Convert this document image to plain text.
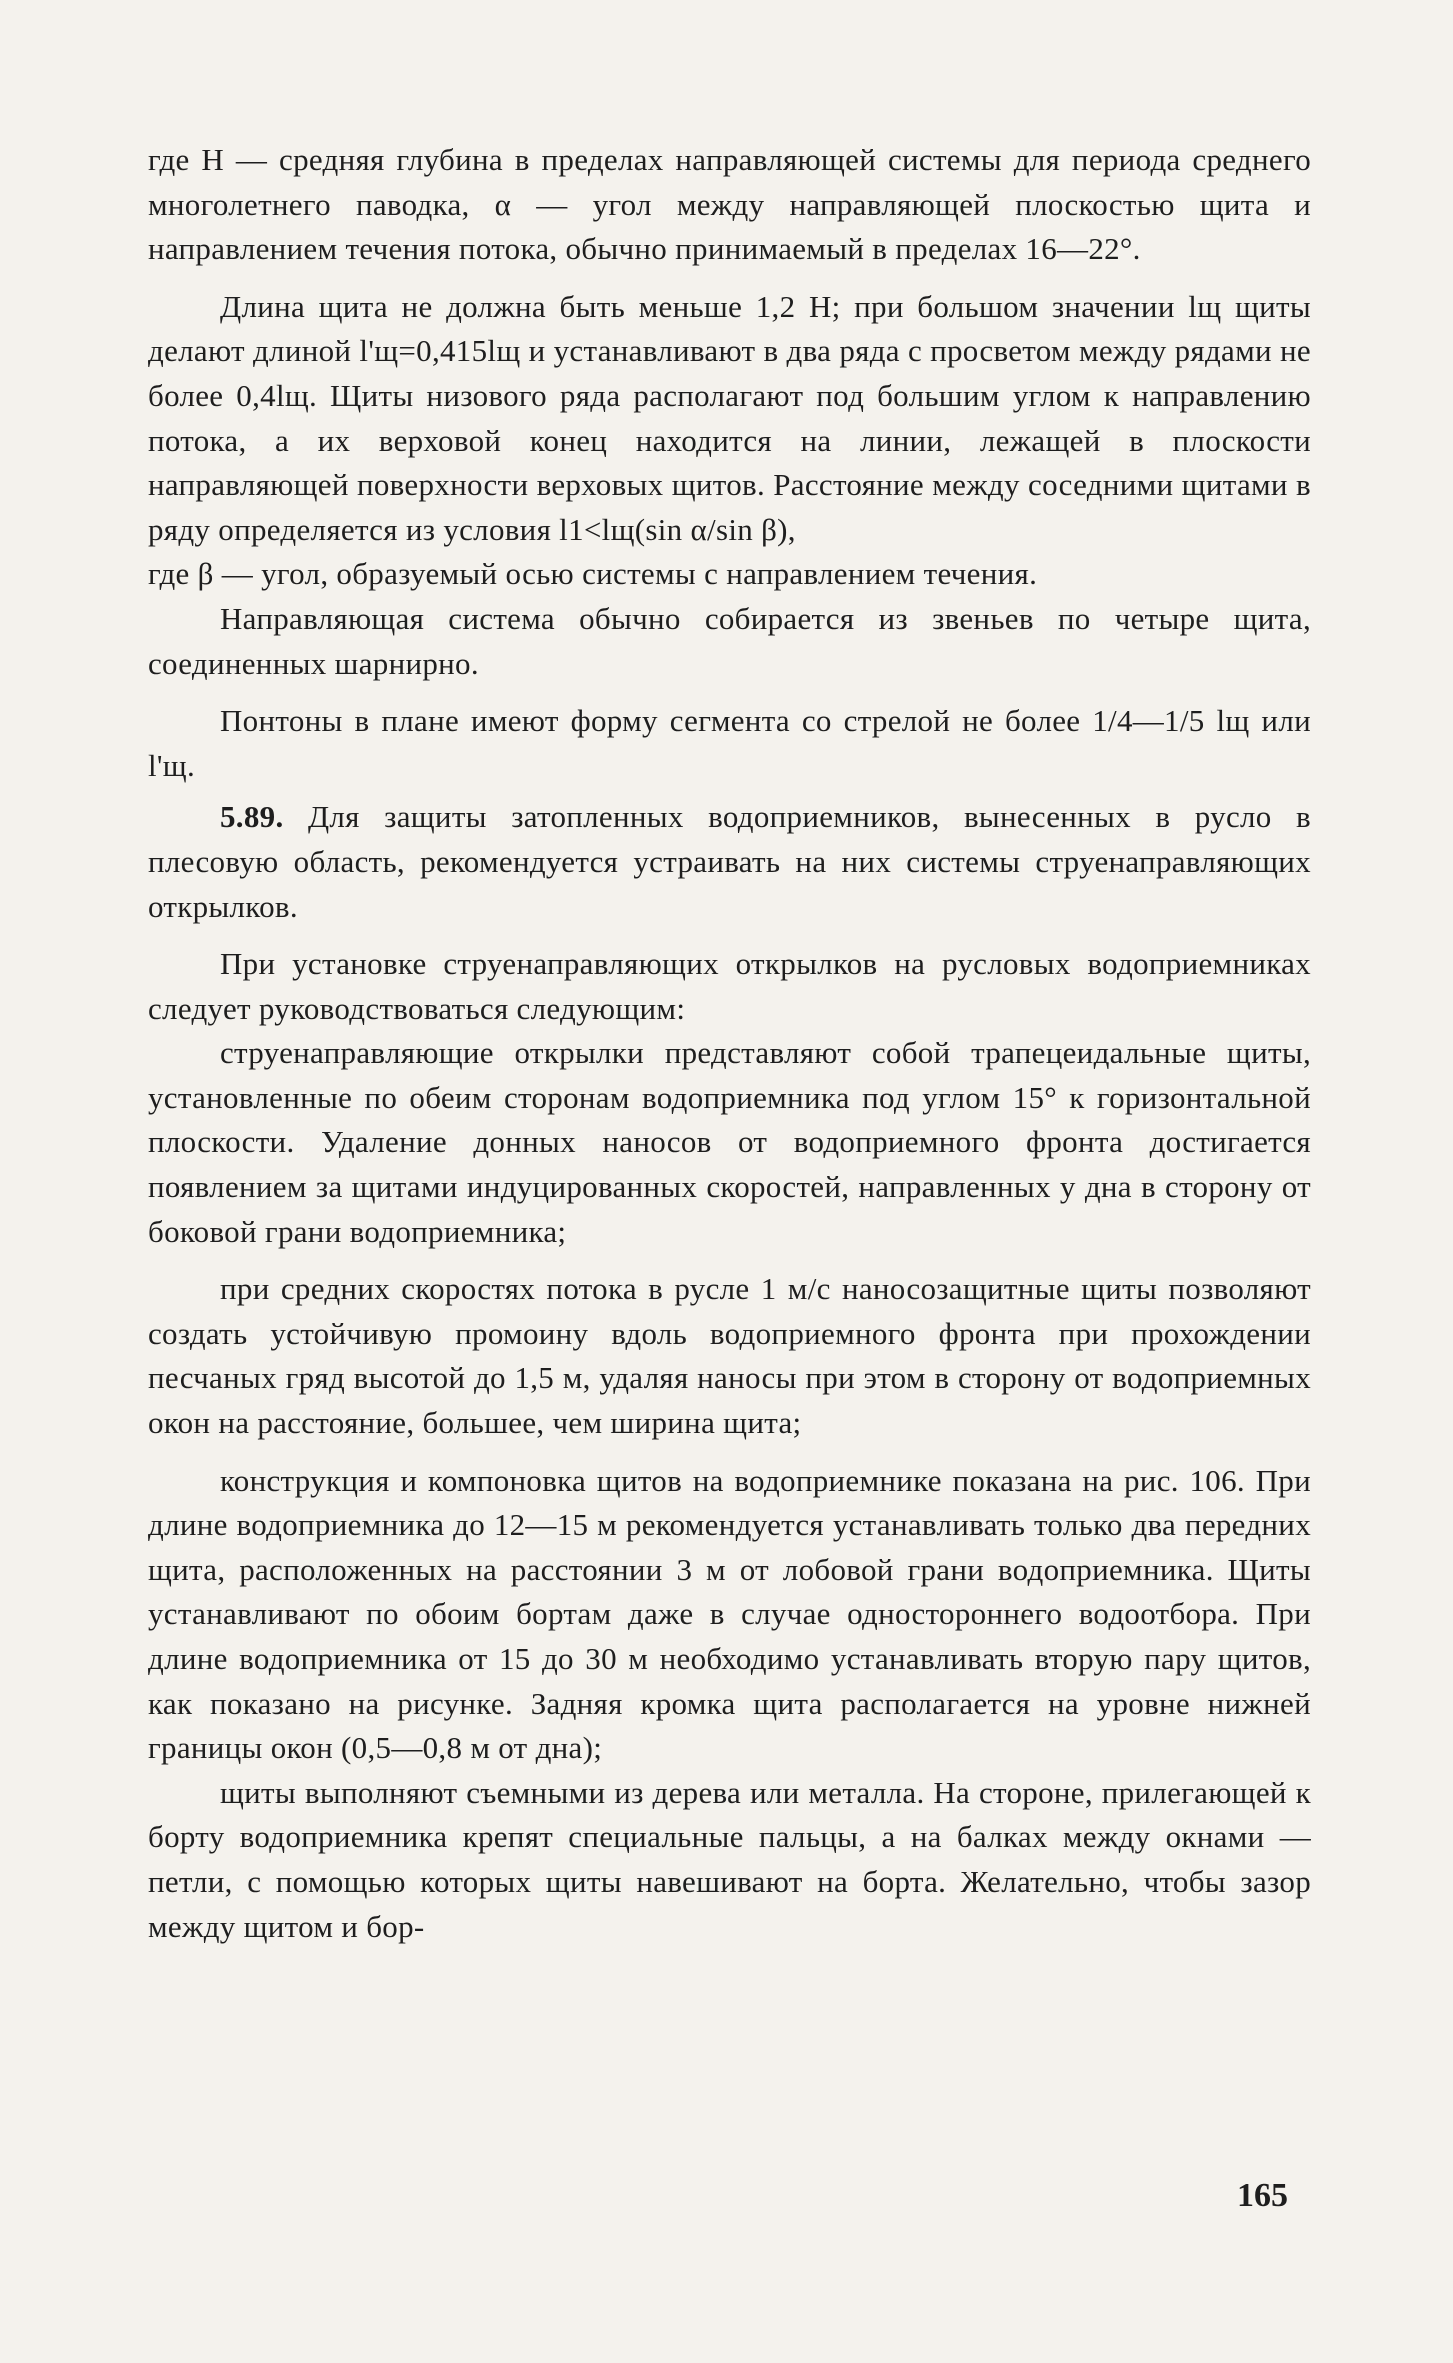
где H — средняя глубина в пределах направляющей системы для периода среднего многолетнего паводка, α — угол между направляющей плоскостью щита и направлением течения потока, обычно принимаемый в пределах 16—22°.

Длина щита не должна быть меньше 1,2 H; при большом значении lщ щиты делают длиной l'щ=0,415lщ и устанавливают в два ряда с просветом между рядами не более 0,4lщ. Щиты низового ряда располагают под большим углом к направлению потока, а их верховой конец находится на линии, лежащей в плоскости направляющей поверхности верховых щитов. Расстояние между соседними щитами в ряду определяется из условия l1<lщ(sin α/sin β),

где β — угол, образуемый осью системы с направлением течения.

Направляющая система обычно собирается из звеньев по четыре щита, соединенных шарнирно.

Понтоны в плане имеют форму сегмента со стрелой не более 1/4—1/5 lщ или l'щ.

5.89. Для защиты затопленных водоприемников, вынесенных в русло в плесовую область, рекомендуется устраивать на них системы струенаправляющих открылков.

При установке струенаправляющих открылков на русловых водоприемниках следует руководствоваться следующим:

струенаправляющие открылки представляют собой трапецеидальные щиты, установленные по обеим сторонам водоприемника под углом 15° к горизонтальной плоскости. Удаление донных наносов от водоприемного фронта достигается появлением за щитами индуцированных скоростей, направленных у дна в сторону от боковой грани водоприемника;

при средних скоростях потока в русле 1 м/с наносозащитные щиты позволяют создать устойчивую промоину вдоль водоприемного фронта при прохождении песчаных гряд высотой до 1,5 м, удаляя наносы при этом в сторону от водоприемных окон на расстояние, большее, чем ширина щита;

конструкция и компоновка щитов на водоприемнике показана на рис. 106. При длине водоприемника до 12—15 м рекомендуется устанавливать только два передних щита, расположенных на расстоянии 3 м от лобовой грани водоприемника. Щиты устанавливают по обоим бортам даже в случае одностороннего водоотбора. При длине водоприемника от 15 до 30 м необходимо устанавливать вторую пару щитов, как показано на рисунке. Задняя кромка щита располагается на уровне нижней границы окон (0,5—0,8 м от дна);

щиты выполняют съемными из дерева или металла. На стороне, прилегающей к борту водоприемника крепят специальные пальцы, а на балках между окнами — петли, с помощью которых щиты навешивают на борта. Желательно, чтобы зазор между щитом и бор-

165
